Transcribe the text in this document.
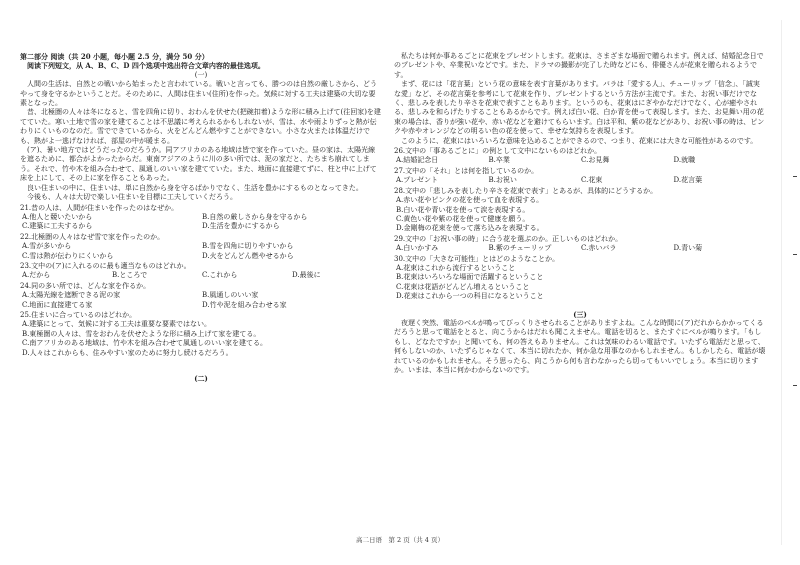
第二部分 阅读（共 20 小题，每小题 2.5 分，满分 50 分）

阅读下列短文，从 A、B、C、D 四个选项中选出符合文章内容的最佳选项。

(一)

人間の生活は、自然との戦いから始まったと言われている。戦いと言っても、勝つのは自然の厳しさから、どうやって身を守るかということだ。そのために、人間は住まい(住所)を作った。気候に対する工夫は建築の大切な要素となった。

昔、北極圏の人々は冬になると、雪を四角に切り、おわんを伏せた(把碗扣着)ような形に積み上げて(往回家)を建てていた。寒い土地で雪の家を建てることは不思議に考えられるかもしれないが、雪は、水や雨よりずっと熱が伝わりにくいものなのだ。雪でできているから、火をどんどん燃やすことができない。小さな火または体温だけでも、熱がよ一逃げなければ、部屋の中が暖まる。

(ア)、暑い地方ではどうだったのだろうか。同アフリカのある地域は皆で家を作っていた。昼の家は、太陽光線を遮るために、都合がよかったからだ。東南アジアのように川の多い所では、泥の家だと、たちまち崩れてしまう。それで、竹や木を組み合わせて、風通しのいい家を建てていた。また、地面に直接建てずに、柱と中に上げて床を上にして、その上に家を作ることもあった。

良い住まいの中に、住まいは、単に自然から身を守るばかりでなく、生活を豊かにするものとなってきた。

今後も、人々は大切で楽しい住まいを目標に工夫していくだろう。

21.昔の人は、人間が住まいを作ったのはなぜか。

A.他人と競いたいから	B.自然の厳しさから身を守るから
C.建築に工夫するから	D.生活を豊かにするから

22.北極圏の人々はなぜ雪で家を作ったのか。

A.雪が多いから	B.雪を四角に切りやすいから
C.雪は熱が伝わりにくいから	D.火をどんどん燃やせるから

23.文中の(ア)に入れるのに最も適当なものはどれか。

A.だから	B.ところで	C.これから	D.最後に

24.同の多い所では、どんな家を作るか。

A.太陽光線を遮断できる泥の家	B.風通しのいい家
C.地面に直接建てる家	D.竹や泥を組み合わせる家

25.住まいに合っているのはどれか。

A.建築にとって、気候に対する工夫は重要な要素ではない。

B.東極圏の人々は、雪をおわんを伏せたような形に積み上げて家を建てる。

C.南アフリカのある地域は、竹や木を組み合わせて風通しのいい家を建てる。

D.人々はこれからも、住みやすい家のために努力し続けるだろう。

(二)

私たちは何か事あるごとに花束をプレゼントします。花束は、さまざまな場面で贈られます。例えば、結婚記念日でのプレゼントや、卒業祝いなどです。また、ドラマの撮影が完了した時などにも、俳優さんが花束を贈られるようです。

まず、花には「花言葉」という花の意味を表す言葉があります。バラは「愛する人」、チューリップ「信念」、「誠実な愛」など、その花言葉を参考にして花束を作り、プレゼントするという方法が主流です。また、お祝い事だけでなく、悲しみを表したり辛さを花束で表すこともあります。というのも、花束はにぎやかなだけでなく、心が癒やされる、悲しみを和らげたりすることもあるからです。例えば白い花、白か青を使って表現します。また、お見舞い用の花束の場合は、香りが強い花や、赤い花などを避けてもらいます。白は平和、紫の花などがあり、お祝い事の時は、ピンクや赤やオレンジなどの明るい色の花を使って、幸せな気持ちを表現します。

このように、花束にはいろいろな意味を込めることができるので、つまり、花束には大きな可能性があるのです。

26.文中の「事あるごとに」の例として文中にないものはどれか。

A.結婚記念日	B.卒業	C.お見舞	D.就職

27.文中の「それ」とは何を指しているのか。

A.プレゼント	B.お祝い	C.花束	D.花言葉

28.文中の「悲しみを表したり辛さを花束で表す」とあるが、具体的にどうするか。

A.赤い花やピンクの花を使って血を表現する。

B.白い花や青い花を使って涙を表現する。

C.黄色い花や紫の花を使って健康を願う。

D.金剛梅の花束を使って落ち込みを表現する。

29.文中の「お祝い事の時」に合う花を選ぶのか。正しいものはどれか。

A.白いかすみ	B.紫のチューリップ	C.赤いバラ	D.青い菊

30.文中の「大きな可能性」とはどのようなことか。

A.花束はこれから流行するということ

B.花束はいろいろな場面で活躍するということ

C.花束は花語がどんどん増えるということ

D.花束はこれから一つの科目になるということ

(三)

夜遅く突然、電話のベルが鳴ってびっくりさせられることがありますよね。こんな時間に(ア)だれからかかってくるだろうと思って電話をとると、向こうからはだれも聞こえません。電話を切ると、またすぐにベルが鳴ります。「もしもし、どなたですか」と聞いても、何の答えもありません。これは気味のわるい電話です。いたずら電話だと思って、何もしないのか、いたずらじゃなくて、本当に切れたか、何か急な用事なのかもしれません。もしかしたら、電話が壊れているのかもしれません。そう思ったら、向こうから何も言わなかったら切ってもいいでしょう。本当に切りますか。いまは、本当に何かわからないのです。

高二日语　第 2 页（共 4 页）
